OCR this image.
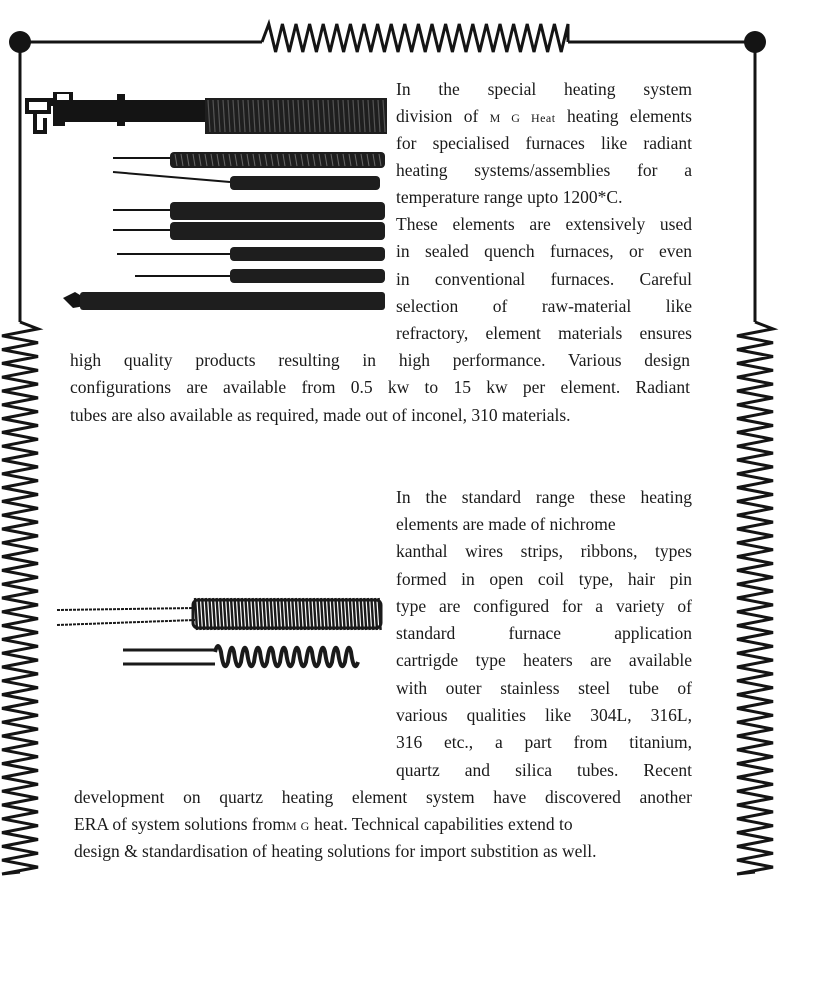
In the special heating system
division of M G Heat heating elements
for specialised furnaces like radiant
heating systems/assemblies for a
temperature range upto 1200*C.
These elements are extensively used
in sealed quench furnaces, or even
in conventional furnaces. Careful
selection of raw-material like
refractory, element materials ensures
high quality products resulting in high performance. Various design
configurations are available from 0.5 kw to 15 kw per element. Radiant
tubes are also available as required, made out of inconel, 310 materials.
In the standard range these heating
elements are made of nichrome
kanthal wires strips, ribbons, types
formed in open coil type, hair pin
type are configured for a variety of
standard furnace application
cartrigde type heaters are available
with outer stainless steel tube of
various qualities like 304L, 316L,
316 etc., a part from titanium,
quartz and silica tubes. Recent
development on quartz heating element system have discovered another
ERA of system solutions fromM G heat. Technical capabilities extend to
design & standardisation of heating solutions for import substition as well.
